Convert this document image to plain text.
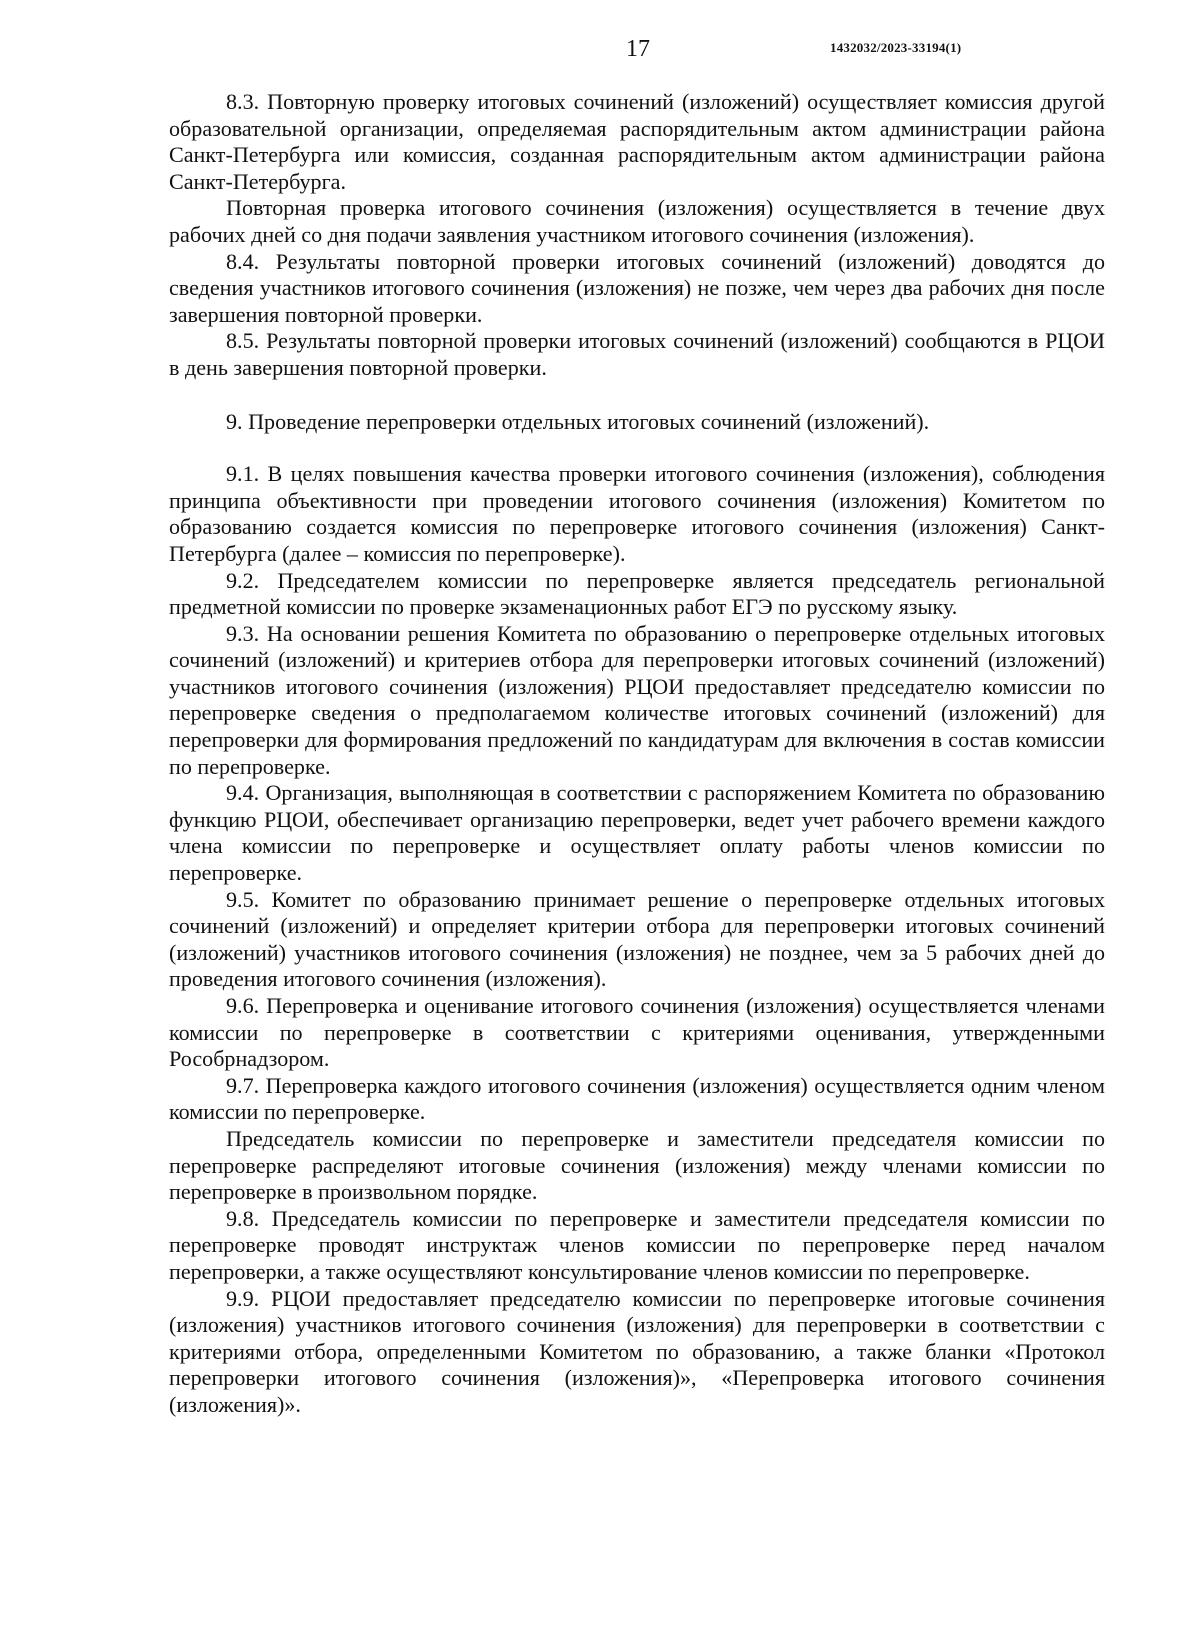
17	1432032/2023-33194(1)

8.3. Повторную проверку итоговых сочинений (изложений) осуществляет комиссия другой образовательной организации, определяемая распорядительным актом администрации района Санкт-Петербурга или комиссия, созданная распорядительным актом администрации района Санкт-Петербурга.

Повторная проверка итогового сочинения (изложения) осуществляется в течение двух рабочих дней со дня подачи заявления участником итогового сочинения (изложения).

8.4. Результаты повторной проверки итоговых сочинений (изложений) доводятся до сведения участников итогового сочинения (изложения) не позже, чем через два рабочих дня после завершения повторной проверки.

8.5. Результаты повторной проверки итоговых сочинений (изложений) сообщаются в РЦОИ в день завершения повторной проверки.

9. Проведение перепроверки отдельных итоговых сочинений (изложений).

9.1. В целях повышения качества проверки итогового сочинения (изложения), соблюдения принципа объективности при проведении итогового сочинения (изложения) Комитетом по образованию создается комиссия по перепроверке итогового сочинения (изложения) Санкт-Петербурга (далее – комиссия по перепроверке).

9.2. Председателем комиссии по перепроверке является председатель региональной предметной комиссии по проверке экзаменационных работ ЕГЭ по русскому языку.

9.3. На основании решения Комитета по образованию о перепроверке отдельных итоговых сочинений (изложений) и критериев отбора для перепроверки итоговых сочинений (изложений) участников итогового сочинения (изложения) РЦОИ предоставляет председателю комиссии по перепроверке сведения о предполагаемом количестве итоговых сочинений (изложений) для перепроверки для формирования предложений по кандидатурам для включения в состав комиссии по перепроверке.

9.4. Организация, выполняющая в соответствии с распоряжением Комитета по образованию функцию РЦОИ, обеспечивает организацию перепроверки, ведет учет рабочего времени каждого члена комиссии по перепроверке и осуществляет оплату работы членов комиссии по перепроверке.

9.5. Комитет по образованию принимает решение о перепроверке отдельных итоговых сочинений (изложений) и определяет критерии отбора для перепроверки итоговых сочинений (изложений) участников итогового сочинения (изложения) не позднее, чем за 5 рабочих дней до проведения итогового сочинения (изложения).

9.6. Перепроверка и оценивание итогового сочинения (изложения) осуществляется членами комиссии по перепроверке в соответствии с критериями оценивания, утвержденными Рособрнадзором.

9.7. Перепроверка каждого итогового сочинения (изложения) осуществляется одним членом комиссии по перепроверке.

Председатель комиссии по перепроверке и заместители председателя комиссии по перепроверке распределяют итоговые сочинения (изложения) между членами комиссии по перепроверке в произвольном порядке.

9.8. Председатель комиссии по перепроверке и заместители председателя комиссии по перепроверке проводят инструктаж членов комиссии по перепроверке перед началом перепроверки, а также осуществляют консультирование членов комиссии по перепроверке.

9.9. РЦОИ предоставляет председателю комиссии по перепроверке итоговые сочинения (изложения) участников итогового сочинения (изложения) для перепроверки в соответствии с критериями отбора, определенными Комитетом по образованию, а также бланки «Протокол перепроверки итогового сочинения (изложения)», «Перепроверка итогового сочинения (изложения)».
